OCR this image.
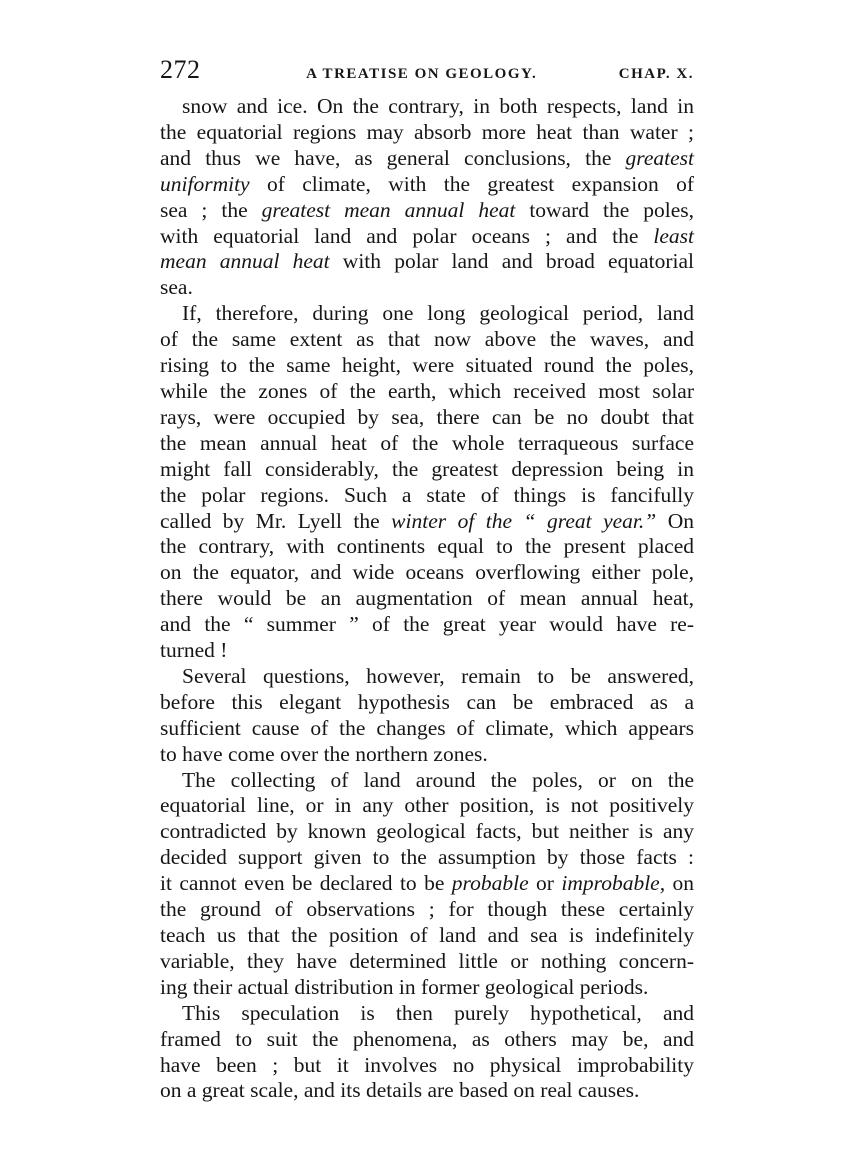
272	A TREATISE ON GEOLOGY.	CHAP. X.
snow and ice. On the contrary, in both respects, land in
the equatorial regions may absorb more heat than water ;
and thus we have, as general conclusions, the greatest
uniformity of climate, with the greatest expansion of
sea ; the greatest mean annual heat toward the poles,
with equatorial land and polar oceans ; and the least
mean annual heat with polar land and broad equatorial
sea.
If, therefore, during one long geological period, land
of the same extent as that now above the waves, and
rising to the same height, were situated round the poles,
while the zones of the earth, which received most solar
rays, were occupied by sea, there can be no doubt that
the mean annual heat of the whole terraqueous surface
might fall considerably, the greatest depression being in
the polar regions. Such a state of things is fancifully
called by Mr. Lyell the winter of the “ great year.” On
the contrary, with continents equal to the present placed
on the equator, and wide oceans overflowing either pole,
there would be an augmentation of mean annual heat,
and the “ summer ” of the great year would have re-
turned !
Several questions, however, remain to be answered,
before this elegant hypothesis can be embraced as a
sufficient cause of the changes of climate, which appears
to have come over the northern zones.
The collecting of land around the poles, or on the
equatorial line, or in any other position, is not positively
contradicted by known geological facts, but neither is any
decided support given to the assumption by those facts :
it cannot even be declared to be probable or improbable, on
the ground of observations ; for though these certainly
teach us that the position of land and sea is indefinitely
variable, they have determined little or nothing concern-
ing their actual distribution in former geological periods.
This speculation is then purely hypothetical, and
framed to suit the phenomena, as others may be, and
have been ; but it involves no physical improbability
on a great scale, and its details are based on real causes.
